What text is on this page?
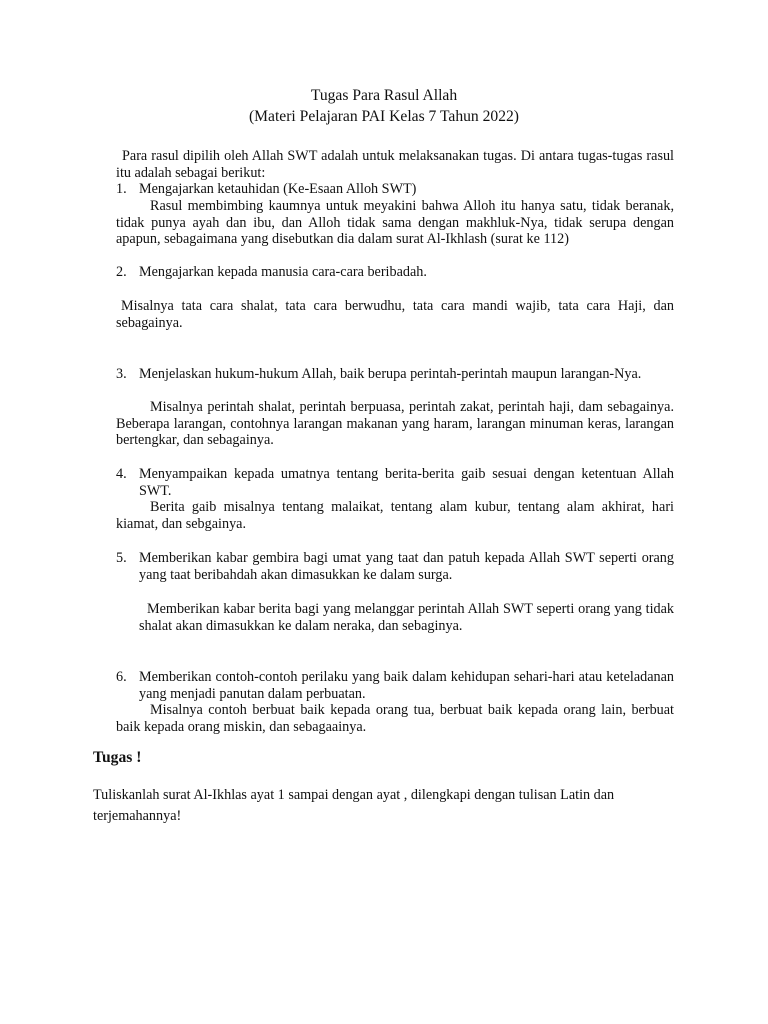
Tugas Para Rasul Allah
(Materi Pelajaran PAI Kelas 7 Tahun 2022)
Para rasul dipilih oleh Allah SWT adalah untuk melaksanakan tugas. Di antara tugas-tugas rasul itu adalah sebagai berikut:
1. Mengajarkan ketauhidan (Ke-Esaan Alloh SWT)
Rasul membimbing kaumnya untuk meyakini bahwa Alloh itu hanya satu, tidak beranak, tidak punya ayah dan ibu, dan Alloh tidak sama dengan makhluk-Nya, tidak serupa dengan apapun, sebagaimana yang disebutkan dia dalam surat Al-Ikhlash (surat ke 112)
2. Mengajarkan kepada manusia cara-cara beribadah.
Misalnya tata cara shalat, tata cara berwudhu, tata cara mandi wajib, tata cara Haji, dan sebagainya.
3. Menjelaskan hukum-hukum Allah, baik berupa perintah-perintah maupun larangan-Nya.
Misalnya perintah shalat, perintah berpuasa, perintah zakat, perintah haji, dam sebagainya. Beberapa larangan, contohnya larangan makanan yang haram, larangan minuman keras, larangan bertengkar, dan sebagainya.
4. Menyampaikan kepada umatnya tentang berita-berita gaib sesuai dengan ketentuan Allah SWT.
Berita gaib misalnya tentang malaikat, tentang alam kubur, tentang alam akhirat, hari kiamat, dan sebgainya.
5. Memberikan kabar gembira bagi umat yang taat dan patuh kepada Allah SWT seperti orang yang taat beribahdah akan dimasukkan ke dalam surga.
Memberikan kabar berita bagi yang melanggar perintah Allah SWT seperti orang yang tidak shalat akan dimasukkan ke dalam neraka, dan sebaginya.
6. Memberikan contoh-contoh perilaku yang baik dalam kehidupan sehari-hari atau keteladanan yang menjadi panutan dalam perbuatan.
Misalnya contoh berbuat baik kepada orang tua, berbuat baik kepada orang lain, berbuat baik kepada orang miskin, dan sebagaainya.
Tugas !
Tuliskanlah surat Al-Ikhlas ayat 1 sampai dengan ayat , dilengkapi dengan tulisan Latin dan terjemahannya!
